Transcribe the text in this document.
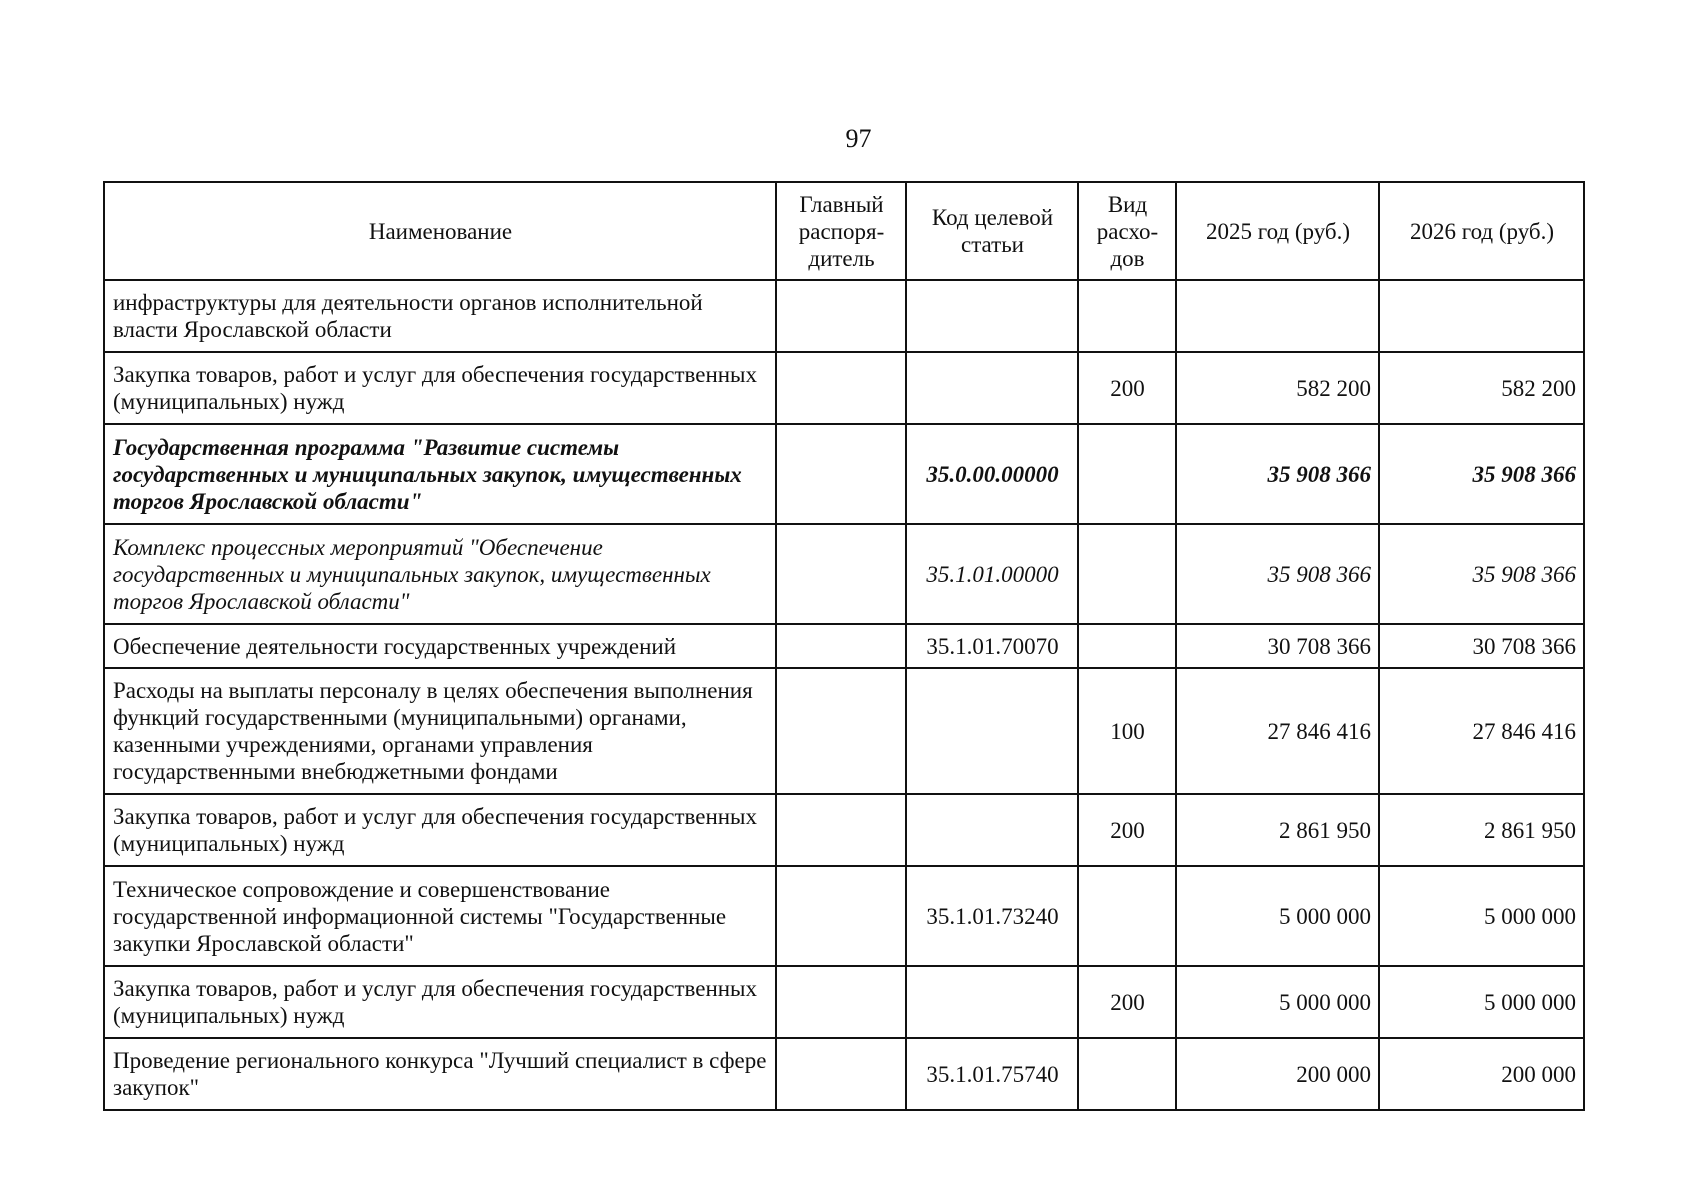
97
Наименование	Главный распоря-дитель	Код целевой статьи	Вид расхо-дов	2025 год (руб.)	2026 год (руб.)
инфраструктуры для деятельности органов исполнительной власти Ярославской области					
Закупка товаров, работ и услуг для обеспечения государственных (муниципальных) нужд			200	582 200	582 200
Государственная программа "Развитие системы государственных и муниципальных закупок, имущественных торгов Ярославской области"		35.0.00.00000		35 908 366	35 908 366
Комплекс процессных мероприятий "Обеспечение государственных и муниципальных закупок, имущественных торгов Ярославской области"		35.1.01.00000		35 908 366	35 908 366
Обеспечение деятельности государственных учреждений		35.1.01.70070		30 708 366	30 708 366
Расходы на выплаты персоналу в целях обеспечения выполнения функций государственными (муниципальными) органами, казенными учреждениями, органами управления государственными внебюджетными фондами			100	27 846 416	27 846 416
Закупка товаров, работ и услуг для обеспечения государственных (муниципальных) нужд			200	2 861 950	2 861 950
Техническое сопровождение и совершенствование государственной информационной системы "Государственные закупки Ярославской области"		35.1.01.73240		5 000 000	5 000 000
Закупка товаров, работ и услуг для обеспечения государственных (муниципальных) нужд			200	5 000 000	5 000 000
Проведение регионального конкурса "Лучший специалист в сфере закупок"		35.1.01.75740		200 000	200 000
